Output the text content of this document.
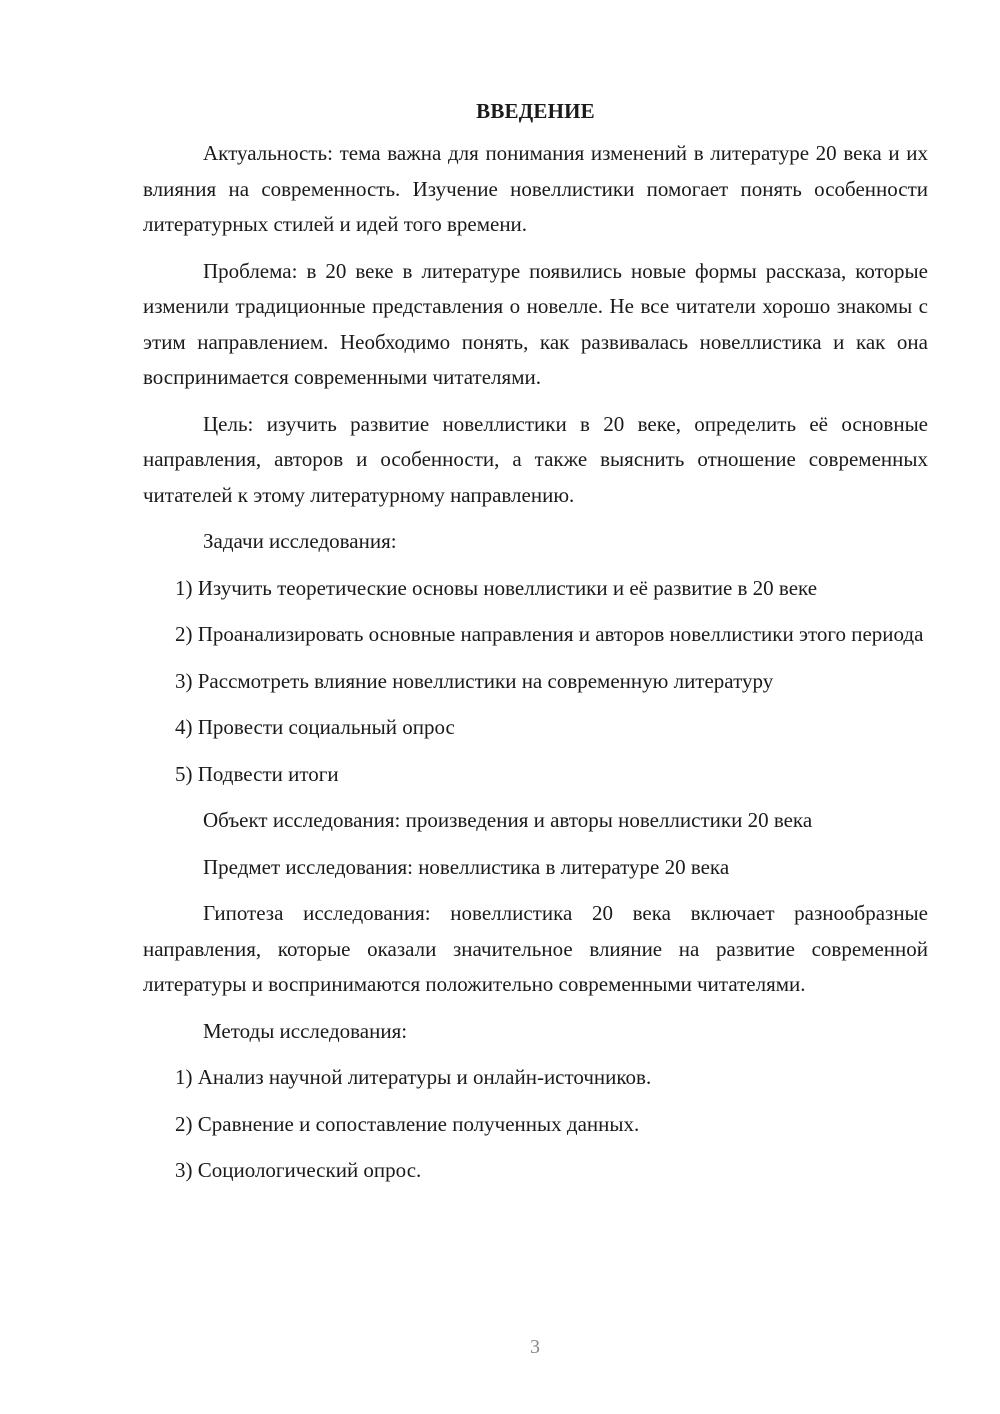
ВВЕДЕНИЕ

Актуальность: тема важна для понимания изменений в литературе 20 века и их влияния на современность. Изучение новеллистики помогает понять особенности литературных стилей и идей того времени.

Проблема: в 20 веке в литературе появились новые формы рассказа, которые изменили традиционные представления о новелле. Не все читатели хорошо знакомы с этим направлением. Необходимо понять, как развивалась новеллистика и как она воспринимается современными читателями.

Цель: изучить развитие новеллистики в 20 веке, определить её основные направления, авторов и особенности, а также выяснить отношение современных читателей к этому литературному направлению.

Задачи исследования:

1) Изучить теоретические основы новеллистики и её развитие в 20 веке

2) Проанализировать основные направления и авторов новеллистики этого периода

3) Рассмотреть влияние новеллистики на современную литературу

4) Провести социальный опрос

5) Подвести итоги

Объект исследования: произведения и авторы новеллистики 20 века

Предмет исследования: новеллистика в литературе 20 века

Гипотеза исследования: новеллистика 20 века включает разнообразные направления, которые оказали значительное влияние на развитие современной литературы и воспринимаются положительно современными читателями.

Методы исследования:

1) Анализ научной литературы и онлайн-источников.

2) Сравнение и сопоставление полученных данных.

3) Социологический опрос.

3
